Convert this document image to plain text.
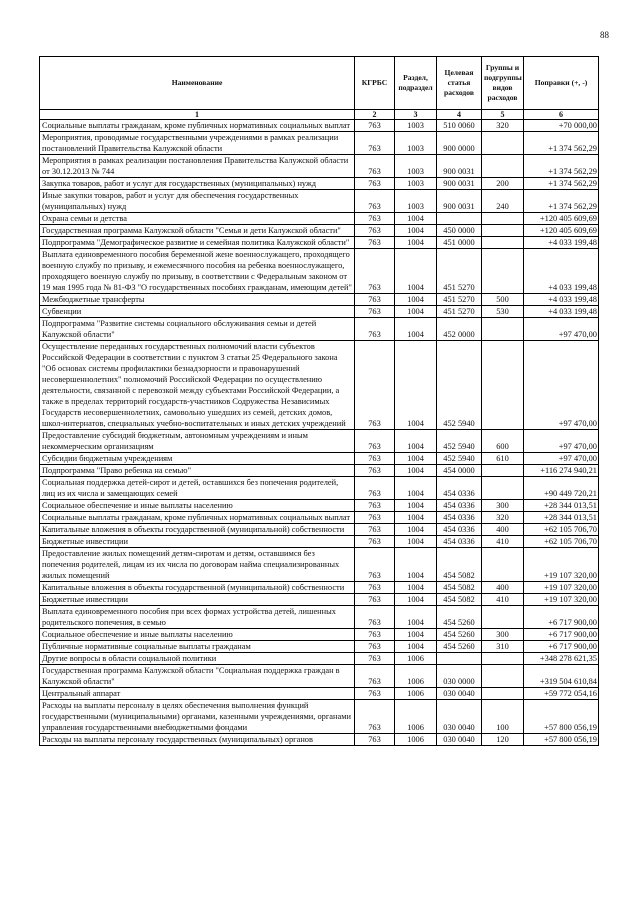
88
Наименование	КГРБС	Раздел, подраздел	Целевая статья расходов	Группы и подгруппы видов расходов	Поправки (+, -)
1	2	3	4	5	6
Социальные выплаты гражданам, кроме публичных нормативных социальных выплат	763	1003	510 0060	320	+70 000,00
Мероприятия, проводимые государственными учреждениями в рамках реализации постановлений Правительства Калужской области	763	1003	900 0000		+1 374 562,29
Мероприятия в рамках реализации постановления Правительства Калужской области от 30.12.2013 № 744	763	1003	900 0031		+1 374 562,29
Закупка товаров, работ и услуг для государственных (муниципальных) нужд	763	1003	900 0031	200	+1 374 562,29
Иные закупки товаров, работ и услуг для обеспечения государственных (муниципальных) нужд	763	1003	900 0031	240	+1 374 562,29
Охрана семьи и детства	763	1004			+120 405 609,69
Государственная программа Калужской области "Семья и дети Калужской области"	763	1004	450 0000		+120 405 609,69
Подпрограмма "Демографическое развитие и семейная политика Калужской области"	763	1004	451 0000		+4 033 199,48
Выплата единовременного пособия беременной жене военнослужащего, проходящего военную службу по призыву, и ежемесячного пособия на ребенка военнослужащего, проходящего военную службу по призыву, в соответствии с Федеральным законом от 19 мая 1995 года № 81-ФЗ "О государственных пособиях гражданам, имеющим детей"	763	1004	451 5270		+4 033 199,48
Межбюджетные трансферты	763	1004	451 5270	500	+4 033 199,48
Субвенции	763	1004	451 5270	530	+4 033 199,48
Подпрограмма "Развитие системы социального обслуживания семьи и детей Калужской области"	763	1004	452 0000		+97 470,00
Осуществление переданных государственных полномочий власти субъектов Российской Федерации в соответствии с пунктом 3 статьи 25 Федерального закона "Об основах системы профилактики безнадзорности и правонарушений несовершеннолетних" полномочий Российской Федерации по осуществлению деятельности, связанной с перевозкой между субъектами Российской Федерации, а также в пределах территорий государств-участников Содружества Независимых Государств несовершеннолетних, самовольно ушедших из семей, детских домов, школ-интернатов, специальных учебно-воспитательных и иных детских учреждений	763	1004	452 5940		+97 470,00
Предоставление субсидий бюджетным, автономным учреждениям и иным некоммерческим организациям	763	1004	452 5940	600	+97 470,00
Субсидии бюджетным учреждениям	763	1004	452 5940	610	+97 470,00
Подпрограмма "Право ребенка на семью"	763	1004	454 0000		+116 274 940,21
Социальная поддержка детей-сирот и детей, оставшихся без попечения родителей, лиц из их числа и замещающих семей	763	1004	454 0336		+90 449 720,21
Социальное обеспечение и иные выплаты населению	763	1004	454 0336	300	+28 344 013,51
Социальные выплаты гражданам, кроме публичных нормативных социальных выплат	763	1004	454 0336	320	+28 344 013,51
Капитальные вложения в объекты государственной (муниципальной) собственности	763	1004	454 0336	400	+62 105 706,70
Бюджетные инвестиции	763	1004	454 0336	410	+62 105 706,70
Предоставление жилых помещений детям-сиротам и детям, оставшимся без попечения родителей, лицам из их числа по договорам найма специализированных жилых помещений	763	1004	454 5082		+19 107 320,00
Капитальные вложения в объекты государственной (муниципальной) собственности	763	1004	454 5082	400	+19 107 320,00
Бюджетные инвестиции	763	1004	454 5082	410	+19 107 320,00
Выплата единовременного пособия при всех формах устройства детей, лишенных родительского попечения, в семью	763	1004	454 5260		+6 717 900,00
Социальное обеспечение и иные выплаты населению	763	1004	454 5260	300	+6 717 900,00
Публичные нормативные социальные выплаты гражданам	763	1004	454 5260	310	+6 717 900,00
Другие вопросы в области социальной политики	763	1006			+348 278 621,35
Государственная программа Калужской области "Социальная поддержка граждан в Калужской области"	763	1006	030 0000		+319 504 610,84
Центральный аппарат	763	1006	030 0040		+59 772 054,16
Расходы на выплаты персоналу в целях обеспечения выполнения функций государственными (муниципальными) органами, казенными учреждениями, органами управления государственными внебюджетными фондами	763	1006	030 0040	100	+57 800 056,19
Расходы на выплаты персоналу государственных (муниципальных) органов	763	1006	030 0040	120	+57 800 056,19
